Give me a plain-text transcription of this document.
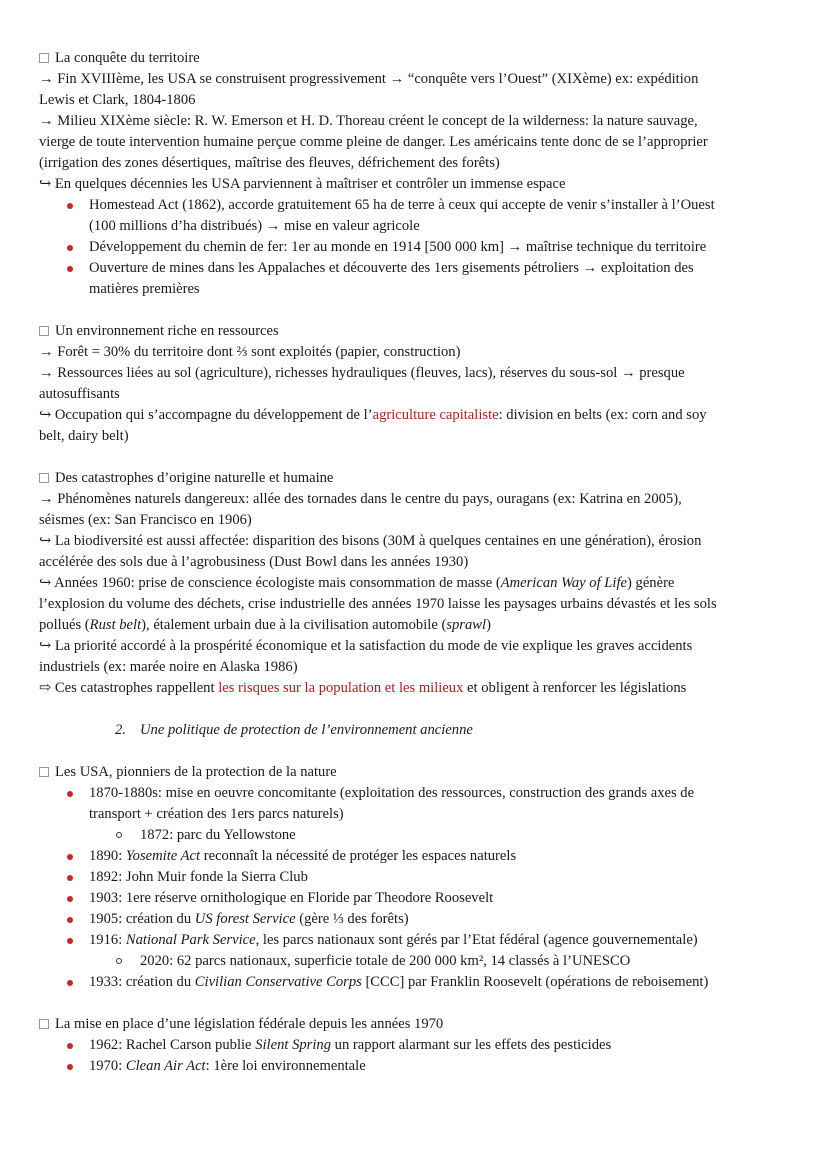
La conquête du territoire
→ Fin XVIIIème, les USA se construisent progressivement → “conquête vers l’Ouest” (XIXème) ex: expédition
Lewis et Clark, 1804-1806
→ Milieu XIXème siècle: R. W. Emerson et H. D. Thoreau créent le concept de la wilderness: la nature sauvage,
vierge de toute intervention humaine perçue comme pleine de danger. Les américains tente donc de se l’approprier
(irrigation des zones désertiques, maîtrise des fleuves, défrichement des forêts)
↪ En quelques décennies les USA parviennent à maîtriser et contrôler un immense espace
Homestead Act (1862), accorde gratuitement 65 ha de terre à ceux qui accepte de venir s’installer à l’Ouest
(100 millions d’ha distribués) → mise en valeur agricole
Développement du chemin de fer: 1er au monde en 1914 [500 000 km] → maîtrise technique du territoire
Ouverture de mines dans les Appalaches et découverte des 1ers gisements pétroliers → exploitation des
matières premières
Un environnement riche en ressources
→ Forêt = 30% du territoire dont ⅔ sont exploités (papier, construction)
→ Ressources liées au sol (agriculture), richesses hydrauliques (fleuves, lacs), réserves du sous-sol → presque
autosuffisants
↪ Occupation qui s’accompagne du développement de l’agriculture capitaliste: division en belts (ex: corn and soy
belt, dairy belt)
Des catastrophes d’origine naturelle et humaine
→ Phénomènes naturels dangereux: allée des tornades dans le centre du pays, ouragans (ex: Katrina en 2005),
séismes (ex: San Francisco en 1906)
↪ La biodiversité est aussi affectée: disparition des bisons (30M à quelques centaines en une génération), érosion
accélérée des sols due à l’agrobusiness (Dust Bowl dans les années 1930)
↪ Années 1960: prise de conscience écologiste mais consommation de masse (American Way of Life) génère
l’explosion du volume des déchets, crise industrielle des années 1970 laisse les paysages urbains dévastés et les sols
pollués (Rust belt), étalement urbain due à la civilisation automobile (sprawl)
↪ La priorité accordé à la prospérité économique et la satisfaction du mode de vie explique les graves accidents
industriels (ex: marée noire en Alaska 1986)
⇨ Ces catastrophes rappellent les risques sur la population et les milieux et obligent à renforcer les législations
2. Une politique de protection de l’environnement ancienne
Les USA, pionniers de la protection de la nature
1870-1880s: mise en oeuvre concomitante (exploitation des ressources, construction des grands axes de
transport + création des 1ers parcs naturels)
1872: parc du Yellowstone
1890: Yosemite Act reconnaît la nécessité de protéger les espaces naturels
1892: John Muir fonde la Sierra Club
1903: 1ere réserve ornithologique en Floride par Theodore Roosevelt
1905: création du US forest Service (gère ⅓ des forêts)
1916: National Park Service, les parcs nationaux sont gérés par l’Etat fédéral (agence gouvernementale)
2020: 62 parcs nationaux, superficie totale de 200 000 km², 14 classés à l’UNESCO
1933: création du Civilian Conservative Corps [CCC] par Franklin Roosevelt (opérations de reboisement)
La mise en place d’une législation fédérale depuis les années 1970
1962: Rachel Carson publie Silent Spring un rapport alarmant sur les effets des pesticides
1970: Clean Air Act: 1ère loi environnementale
